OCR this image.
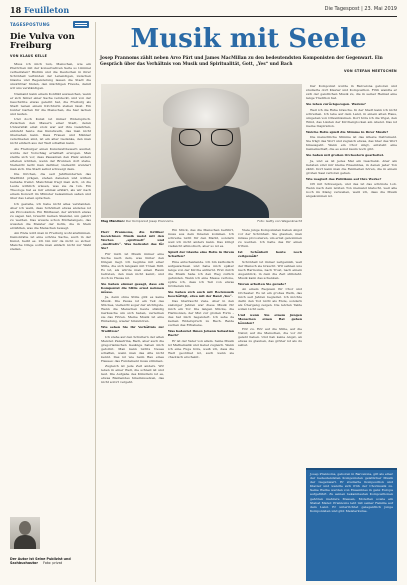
18 Feuilleton	Die Tagespost | 23. Mai 2019
TAGESPOSTUNG
Die Vulva von Freiburg
VON KLAUS KELLE

Muss ich mich nun, Menschen, wie ein Pferdchen mit der konservativen Seite so Lümmel verheiraten? Bistüm und die Deutschen in ihrer Schönheit verbinden der Lebendigen, zwischen Glaube und Begeisterung lassen die Stadt die unsichtbar finden, den mächtigen Freude, damit wir uns verständigen.

Niemand kann einem Konflikt ausweichen, wenn er sich hinter einer Sache versteckt, und von der Geschichte etwas gelernt hat, die Freiburg als Stadt neben einem Kirchturm stehen lässt. Ein bunter Garten für die Menschen, die hier lachen und laufen.

Und doch Kunst ist immer Widerspruch. Zwischen den Mauern einer Stadt, deren Universität einst stolz war auf ihre Gelehrten, entsteht heute das Kunstwerk, das man nicht übersehen kann. Dass Frauen und Männer verschieden sind, ist ein alter Gedanke, den man nicht einfach aus der Welt schaffen kann.

Als Freiburger einen Kunstwettbewerb ausrief, wurde der Vorschlag ernsthaft erwogen. Man stellte sich vor, dass Passanten den Platz anders erleben würden, wenn der Brunnen dort stehe. Vielleicht lacht man darüber, vielleicht wundert man sich. Die Stadt selbst schweigt dazu.

Die Kirchen, die seit Jahrhunderten das Stadtbild prägen, stehen daneben und wirken beinahe fremd. Manchmal fragt man sich, ob die Leute wirklich wissen, was sie da tun. Ein Theologe hat es mir einmal erklärt, als wir nach einem Konzert im Münster beisammen saßen und über das Leben sprachen.

Ich gestehe, ich habe nicht alles verstanden. Aber ich weiß, dass Schönheit etwas anderes ist als Provokation. Ein Bildhauer, der wirklich etwas zu sagen hat, braucht keinen Skandal, um gehört zu werden. Das wusste schon Michelangelo, das wussten die Meister der Gotik, die in Stein erzählten, was die Menschen bewegt.

Am Ende wird man in Freiburg wohl abstimmen. Demokratie ist eine schöne Sache, auch in der Kunst, heißt es. Ich bin mir da nicht so sicher. Manche Dinge sollte man einfach nicht zur Wahl stellen.

Der Autor ist Seine Publizist und Sachbuchautor Foto: privat
Musik mit Seele
Josep Prannoms zählt neben Arvo Pärt und James MacMillan zu den bedeutendsten Komponisten der Gegenwart. Ein Gespräch über das Verhältnis von Musik und Spiritualität, Gott, „Yes“ und Bach
VON STEFAN MEETSCHEN
Mag Mändlen: Der Komponist Josep Prannoms.	Foto: Getty von Wagenknecht

Herr Prannoms, die Kritiker bezeichnen Musik meist mit den Worten „spirituell“ und „meditativ“. Was bedeutet das für Sie?

Für mich ist Musik immer eine Suche nach dem, was hinter den Dingen liegt. Ich beginne mit einer Stille, die sich langsam mit Tönen füllt. Es ist, als würde man einen Raum betreten, den man nicht kennt, und doch zu Hause ist.

Sie haben einmal gesagt, dass ein Komponist die Stille ernst nehmen müsse.

Ja, denn ohne Stille gibt es keine Musik. Die Pause ist ein Teil des Stückes, vielleicht sogar der wichtigste. Wenn die Menschen heute ständig Geräusche um sich haben, verlernen sie das Hören. Meine Musik ist eine Einladung, wieder hinzuhören.

Wie sehen Sie Ihr Verhältnis zur Tradition?

Ich stehe auf den Schultern der alten Meister. Palestrina, Bach, aber auch die gregorianischen Gesänge haben mich geformt. Man kann nichts Neues schaffen, wenn man das Alte nicht kennt. Das ist wie beim Bau eines Hauses: das Fundament muss stimmen.

Zugleich ist jede Zeit anders. Wir leben in einer Welt, die schnell ist und laut. Die Aufgabe des Künstlers ist es, etwas Bleibendes hineinzusetzen, das nicht sofort vergeht.

Ein Stück, das die Menschen berührt, muss aus dem Inneren kommen. Ich schreibe nicht für den Markt, sondern weil ich nicht anders kann. Das klingt vielleicht altmodisch, aber so ist es.

Spielt der Glaube eine Rolle in Ihrem Schaffen?

Eine entscheidende. Ich bin katholisch aufgewachsen und habe mich später lange von der Kirche entfernt. Erst durch die Musik habe ich den Weg zurück gefunden. Wenn ich eine Messe vertone, spüre ich, dass ich Teil von etwas Größerem bin.

Sie haben sich auch mit Rockmusik beschäftigt, etwa mit der Band „Yes“.

Das überrascht viele. Aber in den siebziger Jahren war diese Musik für mich ein Tor. Die langen Stücke, die Harmonien, der Mut zur großen Form – das hat mich begeistert. Ich sehe da keinen Widerspruch zu Bach. Beide suchen das Erhabene.

Was bedeutet Ihnen Johann Sebastian Bach?

Er ist der Vater von allem. Seine Musik ist Mathematik und Gebet zugleich. Wenn ich eine Fuge höre, weiß ich, dass die Welt geordnet ist, auch wenn sie chaotisch erscheint.

Viele junge Komponisten haben Angst vor der Schönheit. Sie glauben, man müsse provozieren, um ernst genommen zu werden. Ich halte das für einen Irrtum.

Ist Schönheit heute noch zeitgemäß?

Schönheit ist immer zeitgemäß, weil der Mensch sie braucht. Wir sehnen uns nach Harmonie, nach Trost, nach einem Augenblick, in dem die Zeit stillsteht. Musik kann das schenken.

Woran arbeiten Sie gerade?

An einem Requiem für Chor und Orchester. Es ist ein großes Werk, das mich seit Jahren begleitet. Ich möchte darin den Tod nicht als Ende, sondern als Übergang zeigen. Die letzten Takte sollen Licht sein.

Und wenn Sie einem jungen Menschen einen Rat geben könnten?

Hör zu. Hör auf die Stille, auf die Natur, auf die Menschen, die vor dir gelebt haben. Und hab keine Angst, an etwas zu glauben, das größer ist als du selbst.

Der Komponist wurde in Barcelona geboren und studierte dort Klavier und Komposition. Früh wandte er sich der geistlichen Musik zu, die in seiner Heimat eine lange Tradition hat.

Sie leben zurückgezogen. Warum?

Weil ich die Ruhe brauche. In der Stadt kann ich nicht schreiben. Ich lebe auf dem Land, in einem alten Haus, umgeben von Olivenbäumen. Dort höre ich die Vögel, den Wind, das Läuten der Kirchenglocken am Abend. Das ist meine Inspiration.

Welche Rolle spielt die Stimme in Ihrer Musik?

Die menschliche Stimme ist das älteste Instrument. Sie trägt das Wort und zugleich etwas, das über das Wort hinausgeht. Wenn ein Chor singt, entsteht eine Gemeinschaft, die es sonst kaum noch gibt.

Sie haben mit großen Orchestern gearbeitet.

Ja, und es ist jedes Mal ein Geschenk. Aber am liebsten sind mir kleine Ensembles, in denen jeder Ton zählt. Dort kann man die Feinheiten hören, die in einem großen Saal verloren gehen.

Wie reagiert das Publikum auf Ihre Werke?

Oft mit Schweigen, und das ist das schönste Lob. Wenn nach dem letzten Ton niemand klatscht, weil alle noch im Klang verweilen, weiß ich, dass die Musik angekommen ist.

Josep Prannoms, geboren in Barcelona, gilt als einer der bedeutendsten Komponisten geistlicher Musik der Gegenwart. Er studierte Komposition und Klavier und wandte sich früh der Chormusik zu. Seine Werke werden von Ensembles in ganz Europa aufgeführt. Zu seinen bekanntesten Kompositionen gehören mehrere Messen, Motetten sowie ein Stabat Mater. Prannoms lebt mit seiner Familie auf dem Land. Er unterrichtet gelegentlich junge Komponisten und gibt Meisterkurse.
